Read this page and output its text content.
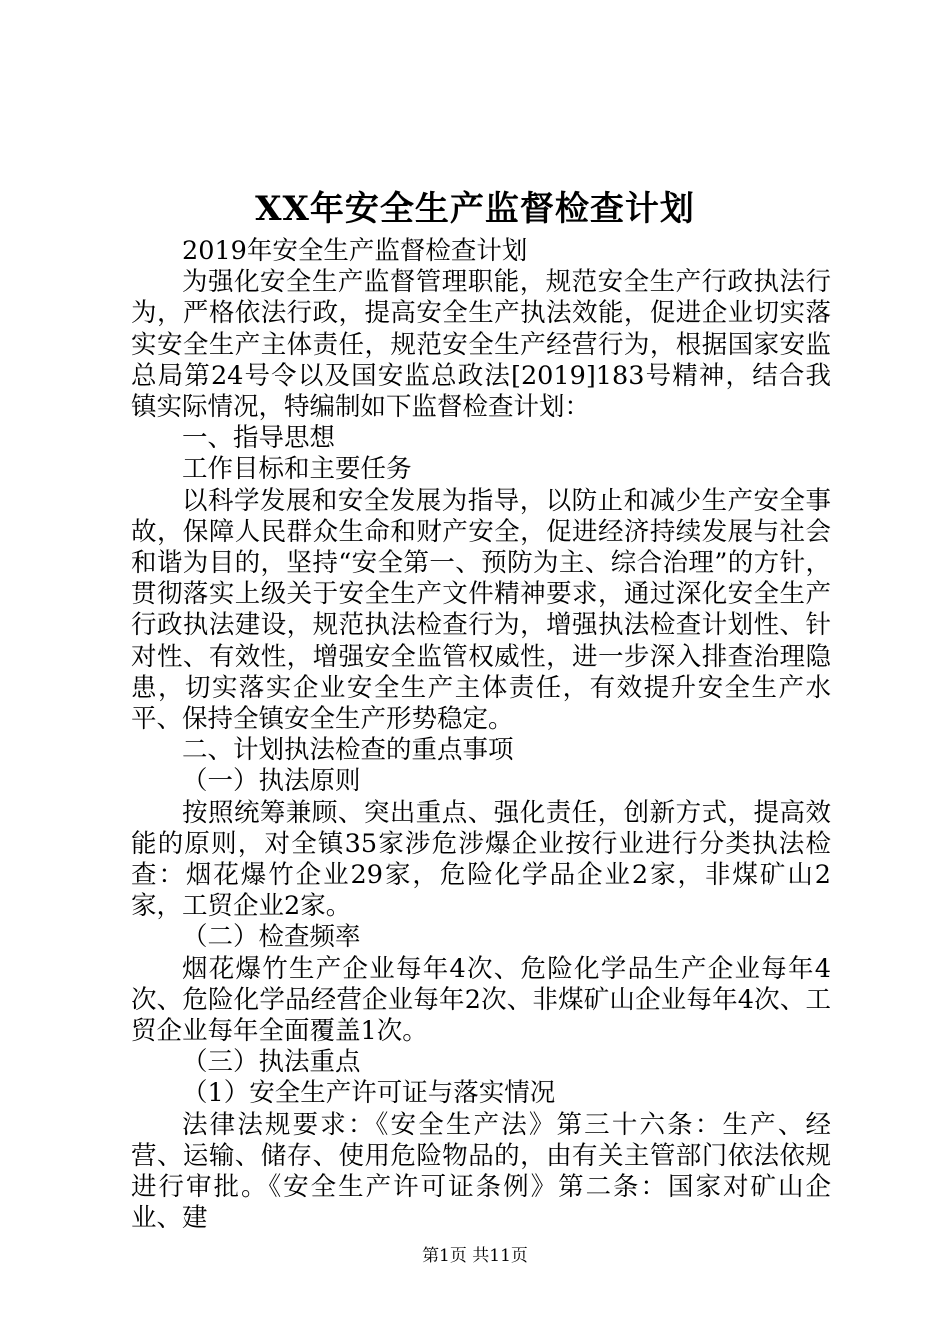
XX年安全生产监督检查计划

2019年安全生产监督检查计划

为强化安全生产监督管理职能，规范安全生产行政执法行为，严格依法行政，提高安全生产执法效能，促进企业切实落实安全生产主体责任，规范安全生产经营行为，根据国家安监总局第24号令以及国安监总政法[2019]183号精神，结合我镇实际情况，特编制如下监督检查计划：

一、指导思想

工作目标和主要任务

以科学发展和安全发展为指导，以防止和减少生产安全事故，保障人民群众生命和财产安全，促进经济持续发展与社会和谐为目的，坚持“安全第一、预防为主、综合治理”的方针，贯彻落实上级关于安全生产文件精神要求，通过深化安全生产行政执法建设，规范执法检查行为，增强执法检查计划性、针对性、有效性，增强安全监管权威性，进一步深入排查治理隐患，切实落实企业安全生产主体责任，有效提升安全生产水平、保持全镇安全生产形势稳定。

二、计划执法检查的重点事项

（一）执法原则

按照统筹兼顾、突出重点、强化责任，创新方式，提高效能的原则，对全镇35家涉危涉爆企业按行业进行分类执法检查：烟花爆竹企业29家，危险化学品企业2家，非煤矿山2家，工贸企业2家。

（二）检查频率

烟花爆竹生产企业每年4次、危险化学品生产企业每年4次、危险化学品经营企业每年2次、非煤矿山企业每年4次、工贸企业每年全面覆盖1次。

（三）执法重点

（1）安全生产许可证与落实情况

法律法规要求：《安全生产法》第三十六条：生产、经营、运输、储存、使用危险物品的，由有关主管部门依法依规进行审批。《安全生产许可证条例》第二条：国家对矿山企业、建

第1页 共11页
